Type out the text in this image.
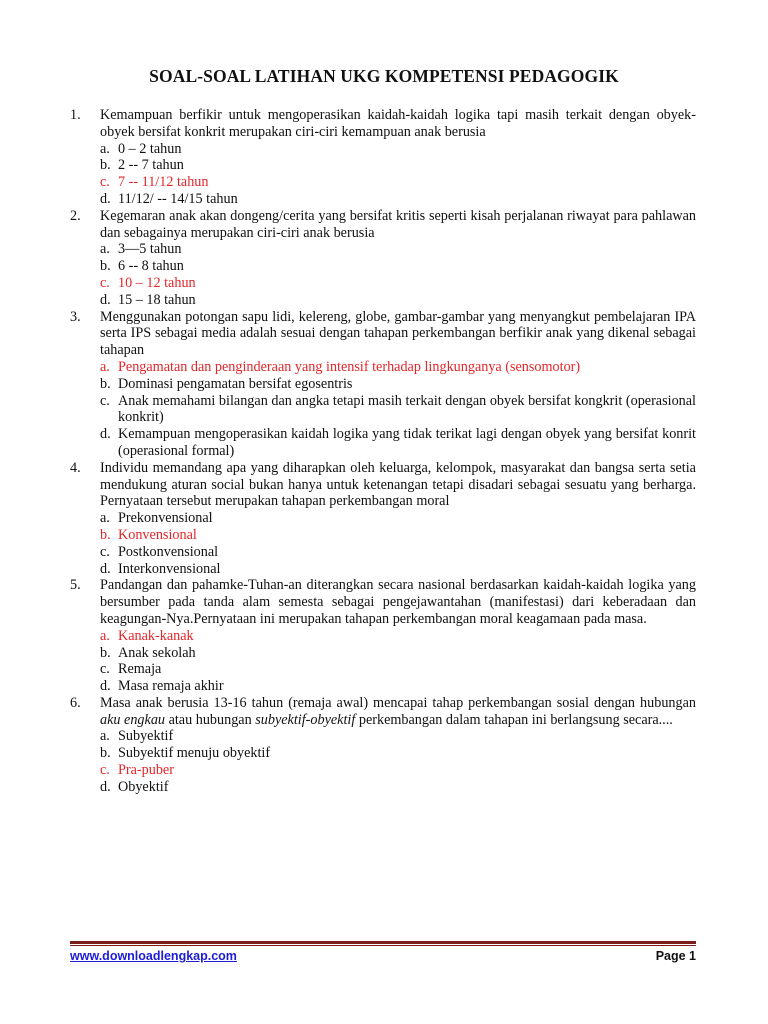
SOAL-SOAL LATIHAN UKG KOMPETENSI PEDAGOGIK
1.	Kemampuan berfikir untuk mengoperasikan kaidah-kaidah logika tapi masih terkait dengan obyek-obyek bersifat konkrit merupakan ciri-ciri kemampuan anak berusia
a. 0 – 2 tahun
b. 2 -- 7 tahun
c. 7 -- 11/12 tahun
d. 11/12/ -- 14/15 tahun
2.	Kegemaran anak akan dongeng/cerita yang bersifat kritis seperti kisah perjalanan riwayat para pahlawan dan sebagainya merupakan ciri-ciri anak berusia
a. 3—5 tahun
b. 6 -- 8 tahun
c. 10 – 12 tahun
d. 15 – 18 tahun
3.	Menggunakan potongan sapu lidi, kelereng, globe, gambar-gambar yang menyangkut pembelajaran IPA serta IPS sebagai media adalah sesuai dengan tahapan perkembangan berfikir anak yang dikenal sebagai tahapan
a. Pengamatan dan penginderaan yang intensif terhadap lingkunganya (sensomotor)
b. Dominasi pengamatan bersifat egosentris
c. Anak memahami bilangan dan angka tetapi masih terkait dengan obyek bersifat kongkrit (operasional konkrit)
d. Kemampuan mengoperasikan kaidah logika yang tidak terikat lagi dengan obyek yang bersifat konrit (operasional formal)
4.	Individu memandang apa yang diharapkan oleh keluarga, kelompok, masyarakat dan bangsa serta setia mendukung aturan social bukan hanya untuk ketenangan tetapi disadari sebagai sesuatu yang berharga. Pernyataan tersebut merupakan tahapan perkembangan moral
a. Prekonvensional
b. Konvensional
c. Postkonvensional
d. Interkonvensional
5.	Pandangan dan pahamke-Tuhan-an diterangkan secara nasional berdasarkan kaidah-kaidah logika yang bersumber pada tanda alam semesta sebagai pengejawantahan (manifestasi) dari keberadaan dan keagungan-Nya.Pernyataan ini merupakan tahapan perkembangan moral keagamaan pada masa.
a. Kanak-kanak
b. Anak sekolah
c. Remaja
d. Masa remaja akhir
6.	Masa anak berusia 13-16 tahun (remaja awal) mencapai tahap perkembangan sosial dengan hubungan aku engkau atau hubungan subyektif-obyektif perkembangan dalam tahapan ini berlangsung secara....
a. Subyektif
b. Subyektif menuju obyektif
c. Pra-puber
d. Obyektif
www.downloadlengkap.com	Page 1
